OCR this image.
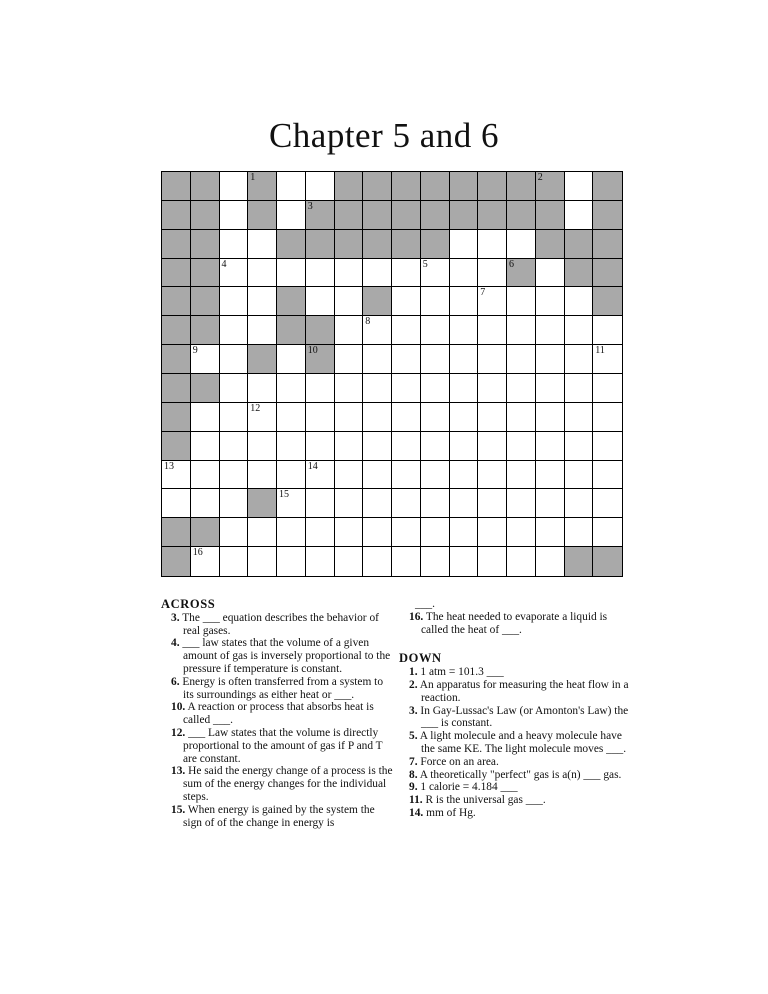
Chapter 5 and 6
1	2
3
4	5	6
7
8
9	10	11
12
13	14
15
16
ACROSS
3. The ___ equation describes the behavior of real gases.
4. ___ law states that the volume of a given amount of gas is inversely proportional to the pressure if temperature is constant.
6. Energy is often transferred from a system to its surroundings as either heat or ___.
10. A reaction or process that absorbs heat is called ___.
12. ___ Law states that the volume is directly proportional to the amount of gas if P and T are constant.
13. He said the energy change of a process is the sum of the energy changes for the individual steps.
15. When energy is gained by the system the sign of of the change in energy is
___.
16. The heat needed to evaporate a liquid is called the heat of ___.
DOWN
1. 1 atm = 101.3 ___
2. An apparatus for measuring the heat flow in a reaction.
3. In Gay-Lussac's Law (or Amonton's Law) the ___ is constant.
5. A light molecule and a heavy molecule have the same KE. The light molecule moves ___.
7. Force on an area.
8. A theoretically "perfect" gas is a(n) ___ gas.
9. 1 calorie = 4.184 ___
11. R is the universal gas ___.
14. mm of Hg.
